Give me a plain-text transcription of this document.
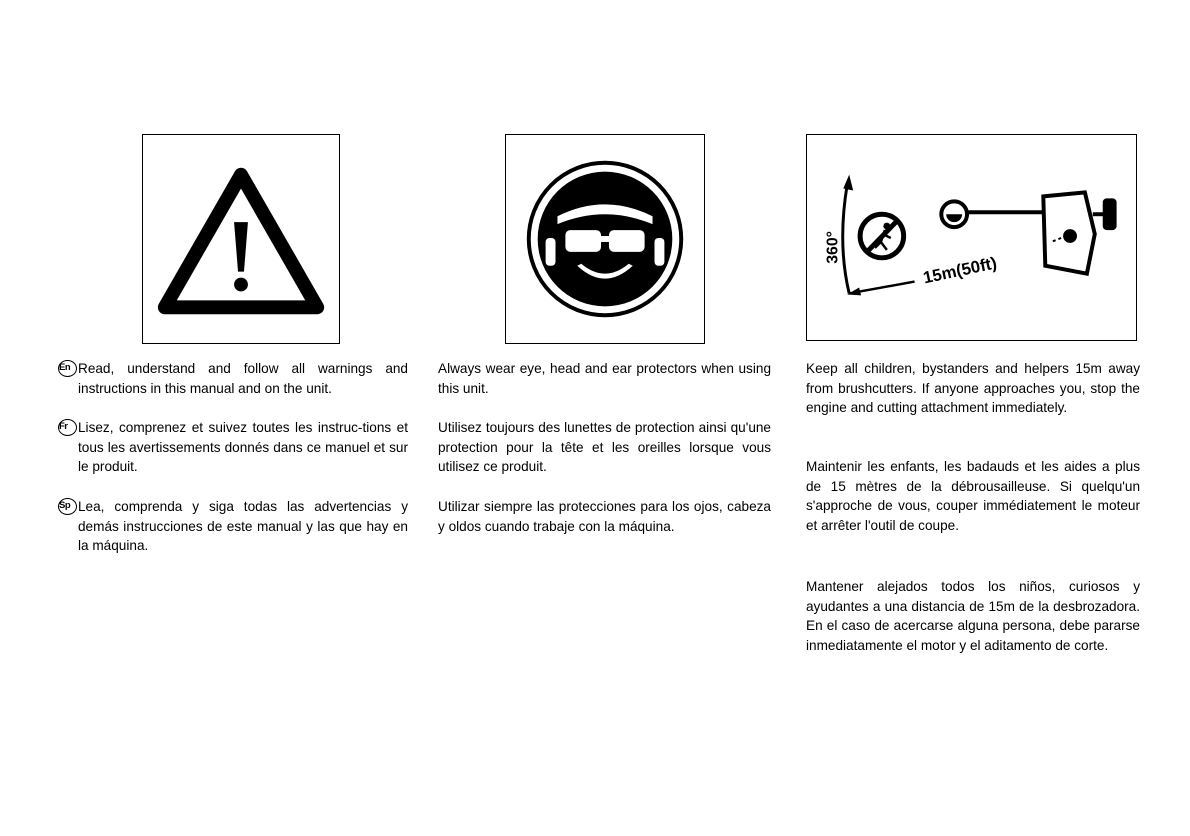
En Read, understand and follow all warnings and instructions in this manual and on the unit.

Fr Lisez, comprenez et suivez toutes les instruc-tions et tous les avertissements donnés dans ce manuel et sur le produit.

Sp Lea, comprenda y siga todas las advertencias y demás instrucciones de este manual y las que hay en la máquina.

Always wear eye, head and ear protectors when using this unit.

Utilisez toujours des lunettes de protection ainsi qu'une protection pour la tête et les oreilles lorsque vous utilisez ce produit.

Utilizar siempre las protecciones para los ojos, cabeza y oldos cuando trabaje con la máquina.

360°
15m(50ft)

Keep all children, bystanders and helpers 15m away from brushcutters. If anyone approaches you, stop the engine and cutting attachment immediately.

Maintenir les enfants, les badauds et les aides a plus de 15 mètres de la débrousailleuse. Si quelqu'un s'approche de vous, couper immédiatement le moteur et arrêter l'outil de coupe.

Mantener alejados todos los niños, curiosos y ayudantes a una distancia de 15m de la desbrozadora. En el caso de acercarse alguna persona, debe pararse inmediatamente el motor y el aditamento de corte.
